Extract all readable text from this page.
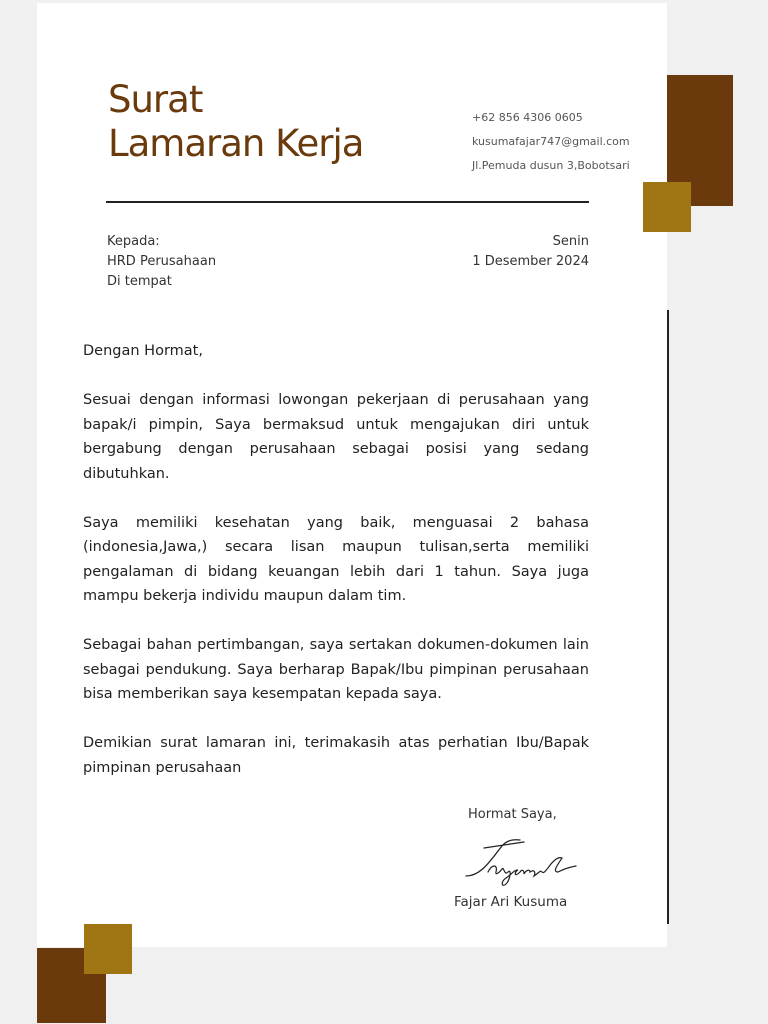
Surat
Lamaran Kerja
+62 856 4306 0605
kusumafajar747@gmail.com
Jl.Pemuda dusun 3,Bobotsari
Kepada:
HRD Perusahaan
Di tempat
Senin
1 Desember 2024

Dengan Hormat,

Sesuai dengan informasi lowongan pekerjaan di perusahaan yang bapak/i pimpin, Saya bermaksud untuk mengajukan diri untuk bergabung dengan perusahaan sebagai posisi yang sedang dibutuhkan.

Saya memiliki kesehatan yang baik, menguasai 2 bahasa (indonesia,Jawa,) secara lisan maupun tulisan,serta memiliki pengalaman di bidang keuangan lebih dari 1 tahun. Saya juga mampu bekerja individu maupun dalam tim.

Sebagai bahan pertimbangan, saya sertakan dokumen-dokumen lain sebagai pendukung. Saya berharap Bapak/Ibu pimpinan perusahaan bisa memberikan saya kesempatan kepada saya.

Demikian surat lamaran ini, terimakasih atas perhatian Ibu/Bapak pimpinan perusahaan

Hormat Saya,
Fajar Ari Kusuma
